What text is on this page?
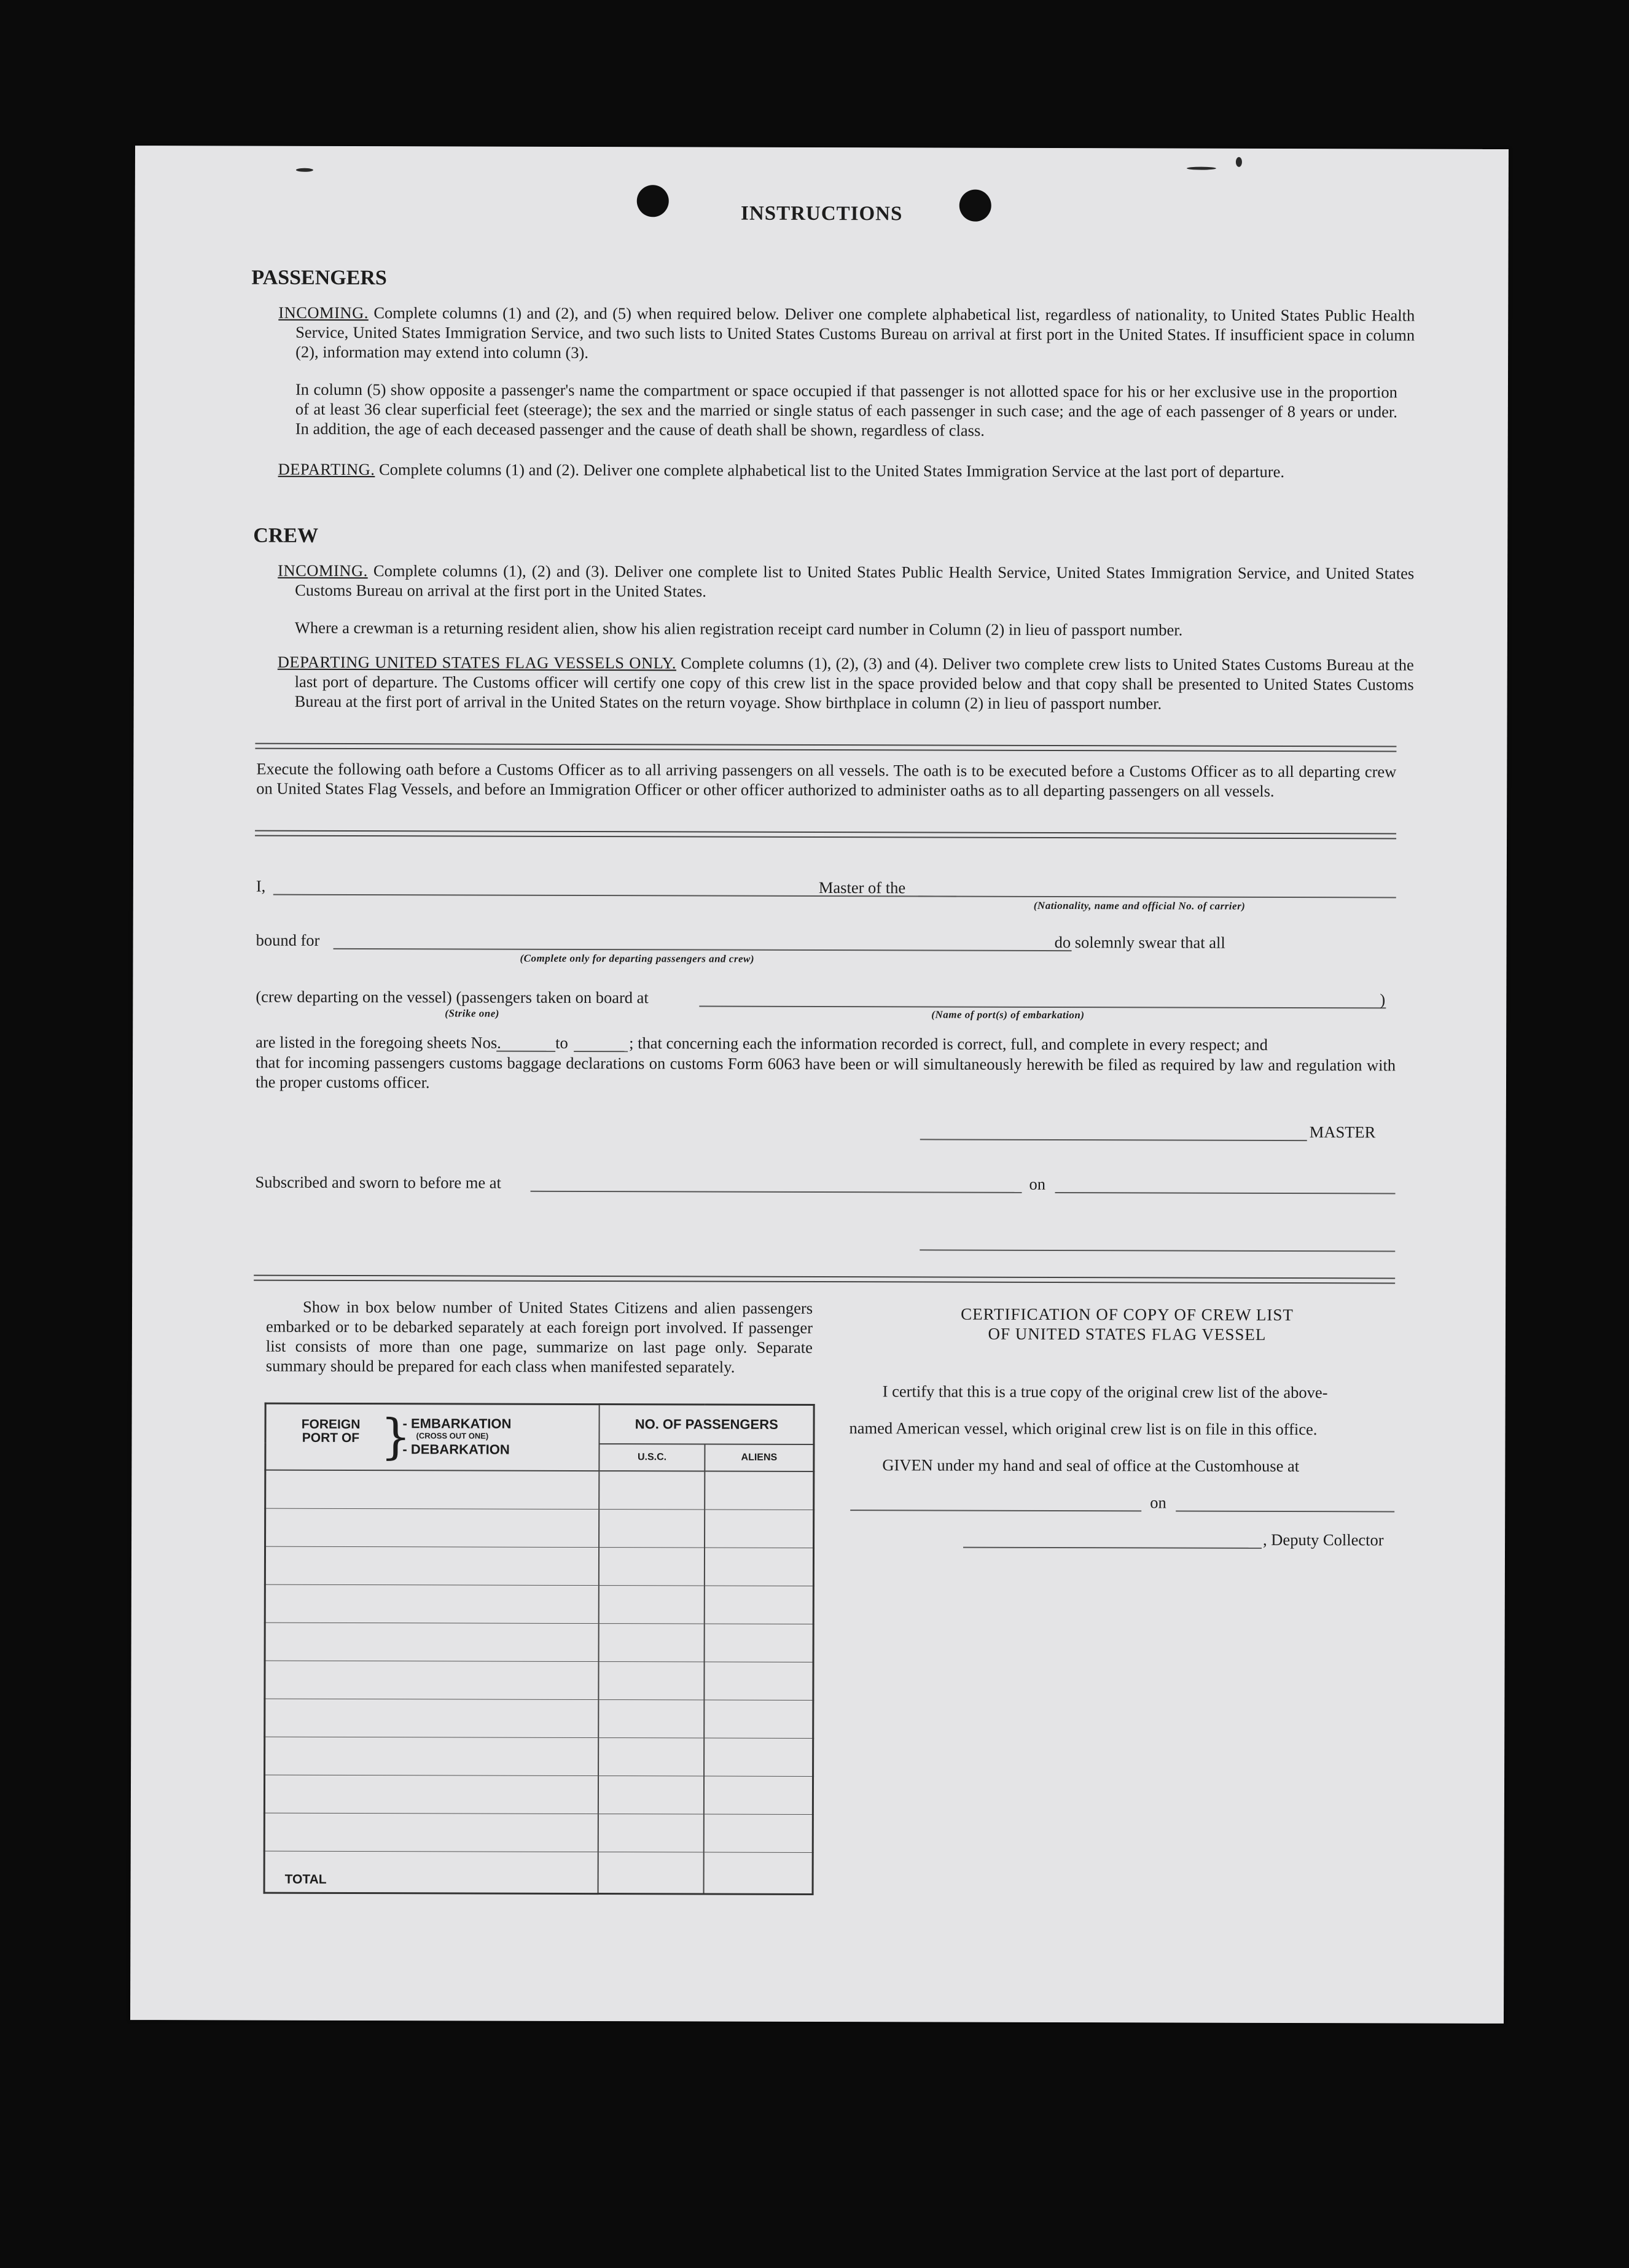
INSTRUCTIONS
PASSENGERS
INCOMING. Complete columns (1) and (2), and (5) when required below. Deliver one complete alphabetical list, regardless of nationality, to United States Public Health Service, United States Immigration Service, and two such lists to United States Customs Bureau on arrival at first port in the United States. If insufficient space in column (2), information may extend into column (3).
In column (5) show opposite a passenger's name the compartment or space occupied if that passenger is not allotted space for his or her exclusive use in the proportion of at least 36 clear superficial feet (steerage); the sex and the married or single status of each passenger in such case; and the age of each passenger of 8 years or under. In addition, the age of each deceased passenger and the cause of death shall be shown, regardless of class.
DEPARTING. Complete columns (1) and (2). Deliver one complete alphabetical list to the United States Immigration Service at the last port of departure.
CREW
INCOMING. Complete columns (1), (2) and (3). Deliver one complete list to United States Public Health Service, United States Immigration Service, and United States Customs Bureau on arrival at the first port in the United States.
Where a crewman is a returning resident alien, show his alien registration receipt card number in Column (2) in lieu of passport number.
DEPARTING UNITED STATES FLAG VESSELS ONLY. Complete columns (1), (2), (3) and (4). Deliver two complete crew lists to United States Customs Bureau at the last port of departure. The Customs officer will certify one copy of this crew list in the space provided below and that copy shall be presented to United States Customs Bureau at the first port of arrival in the United States on the return voyage. Show birthplace in column (2) in lieu of passport number.
Execute the following oath before a Customs Officer as to all arriving passengers on all vessels. The oath is to be executed before a Customs Officer as to all departing crew on United States Flag Vessels, and before an Immigration Officer or other officer authorized to administer oaths as to all departing passengers on all vessels.
I,	Master of the
(Nationality, name and official No. of carrier)
bound for
(Complete only for departing passengers and crew)
do solemnly swear that all
(crew departing on the vessel) (passengers taken on board at	)
(Strike one)	(Name of port(s) of embarkation)
are listed in the foregoing sheets Nos.	to	; that concerning each the information recorded is correct, full, and complete in every respect; and
that for incoming passengers customs baggage declarations on customs Form 6063 have been or will simultaneously herewith be filed as required by law and regulation with the proper customs officer.
MASTER
Subscribed and sworn to before me at	on
Show in box below number of United States Citizens and alien passengers embarked or to be debarked separately at each foreign port involved. If passenger list consists of more than one page, summarize on last page only. Separate summary should be prepared for each class when manifested separately.
FOREIGN PORT OF }
- EMBARKATION
(CROSS OUT ONE)
- DEBARKATION	NO. OF PASSENGERS	
	U.S.C.	ALIENS

TOTAL		
CERTIFICATION OF COPY OF CREW LIST
OF UNITED STATES FLAG VESSEL
I certify that this is a true copy of the original crew list of the above-
named American vessel, which original crew list is on file in this office.
GIVEN under my hand and seal of office at the Customhouse at
on
, Deputy Collector
